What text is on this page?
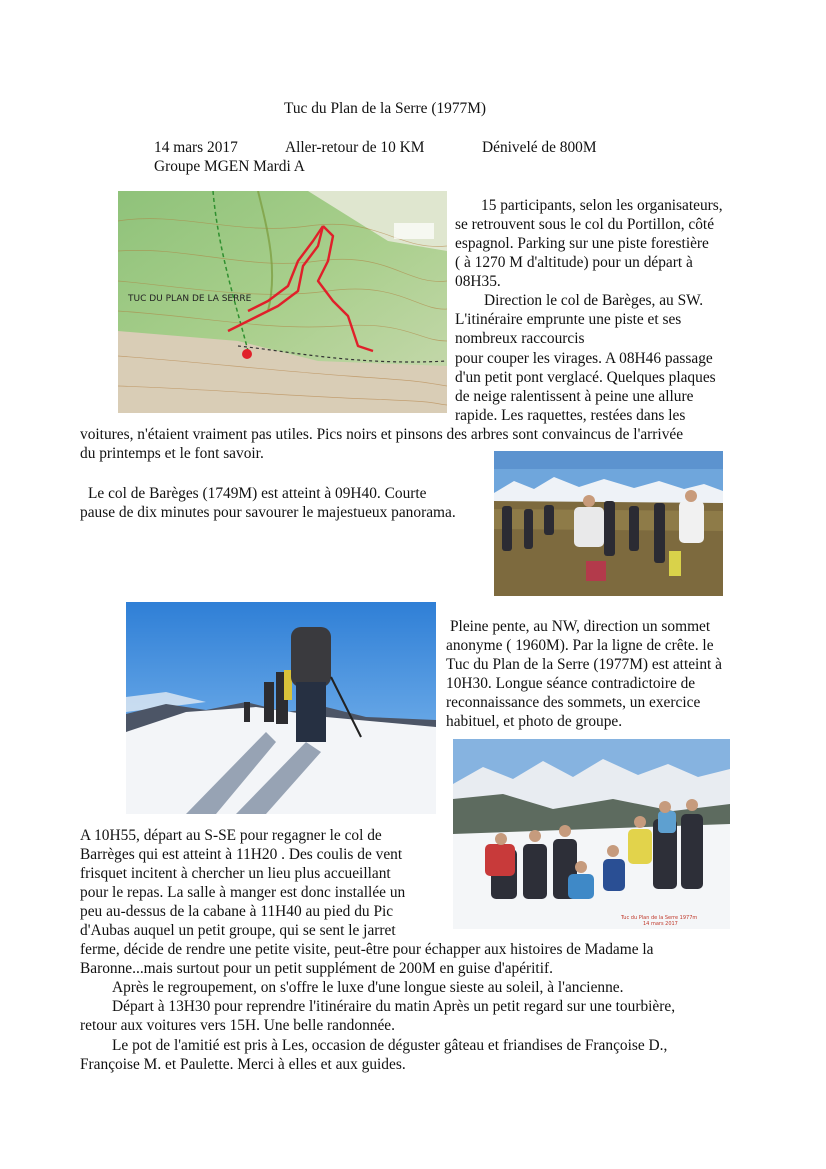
Tuc du Plan de la Serre (1977M)
14 mars 2017	Aller-retour de 10 KM	Dénivelé de 800M
Groupe MGEN Mardi A
TUC DU PLAN DE LA SERRE
15 participants, selon les organisateurs,
se retrouvent sous le col du Portillon, côté
espagnol. Parking sur une piste forestière
( à 1270 M d'altitude) pour un départ à
08H35.
Direction le col de Barèges, au SW.
L'itinéraire emprunte une piste et ses
nombreux raccourcis
pour couper les virages. A 08H46 passage
d'un petit pont verglacé. Quelques plaques
de neige ralentissent à peine une allure
rapide. Les raquettes, restées dans les
voitures, n'étaient vraiment pas utiles. Pics noirs et pinsons des arbres sont convaincus de l'arrivée
du printemps et le font savoir.
Le col de Barèges (1749M) est atteint à 09H40. Courte
pause de dix minutes pour savourer le majestueux panorama.
Pleine pente, au NW, direction un sommet
anonyme ( 1960M). Par la ligne de crête. le
Tuc du Plan de la Serre (1977M) est atteint à
10H30. Longue séance contradictoire de
reconnaissance des sommets, un exercice
habituel, et photo de groupe.
Tuc du Plan de la Serre 1977m
14 mars 2017
A 10H55, départ au S-SE pour regagner le col de
Barrèges qui est atteint à 11H20 . Des coulis de vent
frisquet incitent à chercher un lieu plus accueillant
pour le repas. La salle à manger est donc installée un
peu au-dessus de la cabane à 11H40 au pied du Pic
d'Aubas auquel un petit groupe, qui se sent le jarret
ferme, décide de rendre une petite visite, peut-être pour échapper aux histoires de Madame la
Baronne...mais surtout pour un petit supplément de 200M en guise d'apéritif.
Après le regroupement, on s'offre le luxe d'une longue sieste au soleil, à l'ancienne.
Départ à 13H30 pour reprendre l'itinéraire du matin Après un petit regard sur une tourbière,
retour aux voitures vers 15H. Une belle randonnée.
Le pot de l'amitié est pris à Les, occasion de déguster gâteau et friandises de Françoise D.,
Françoise M. et Paulette. Merci à elles et aux guides.
